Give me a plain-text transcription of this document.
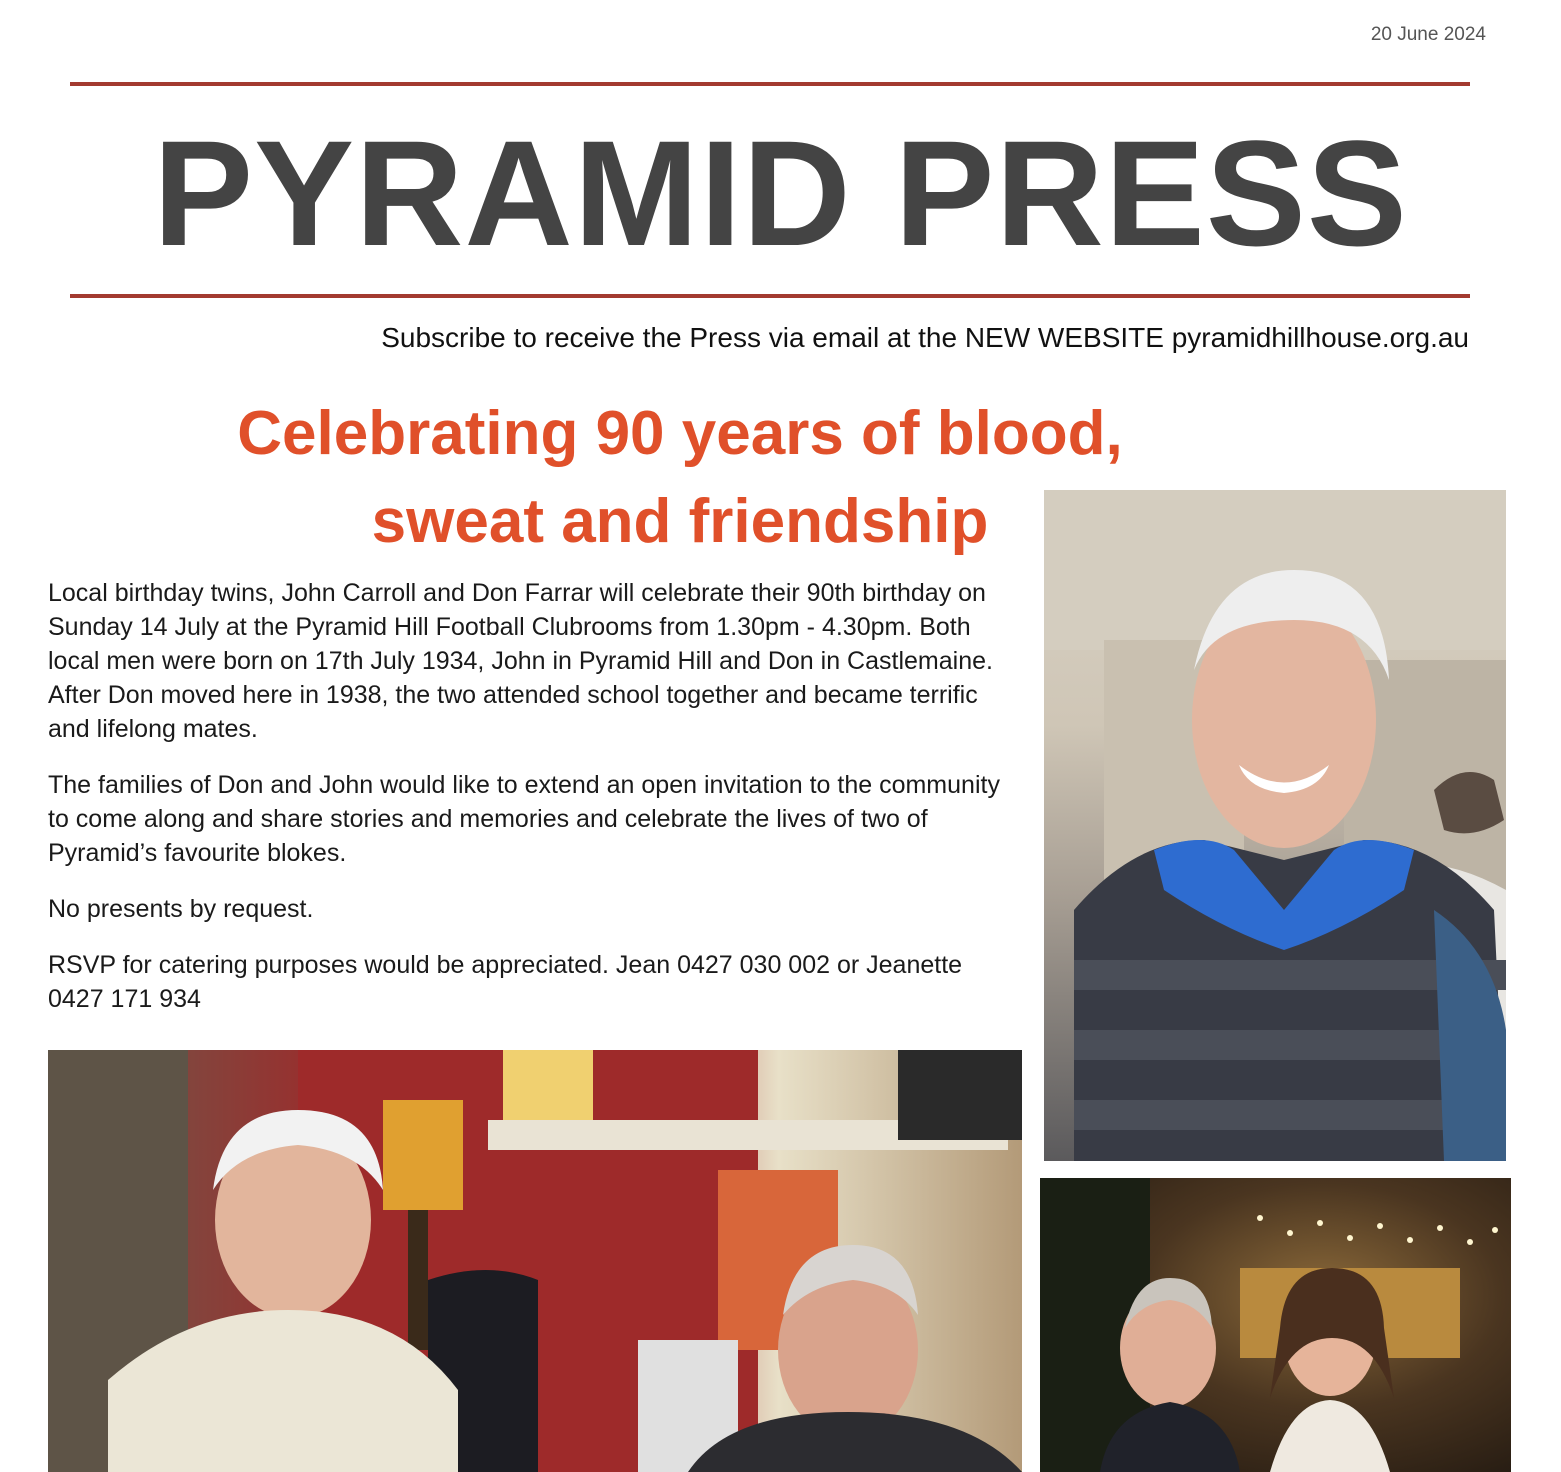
20 June 2024
PYRAMID PRESS
Subscribe to receive the Press via email at the NEW WEBSITE pyramidhillhouse.org.au
Celebrating 90 years of blood, sweat and friendship

Local birthday twins, John Carroll and Don Farrar will celebrate their 90th birthday on Sunday 14 July at the Pyramid Hill Football Clubrooms from 1.30pm - 4.30pm. Both local men were born on 17th July 1934, John in Pyramid Hill and Don in Castlemaine. After Don moved here in 1938, the two attended school together and became terrific and lifelong mates.

The families of Don and John would like to extend an open invitation to the community to come along and share stories and memories and celebrate the lives of two of Pyramid’s favourite blokes.

No presents by request.

RSVP for catering purposes would be appreciated. Jean 0427 030 002 or Jeanette 0427 171 934
